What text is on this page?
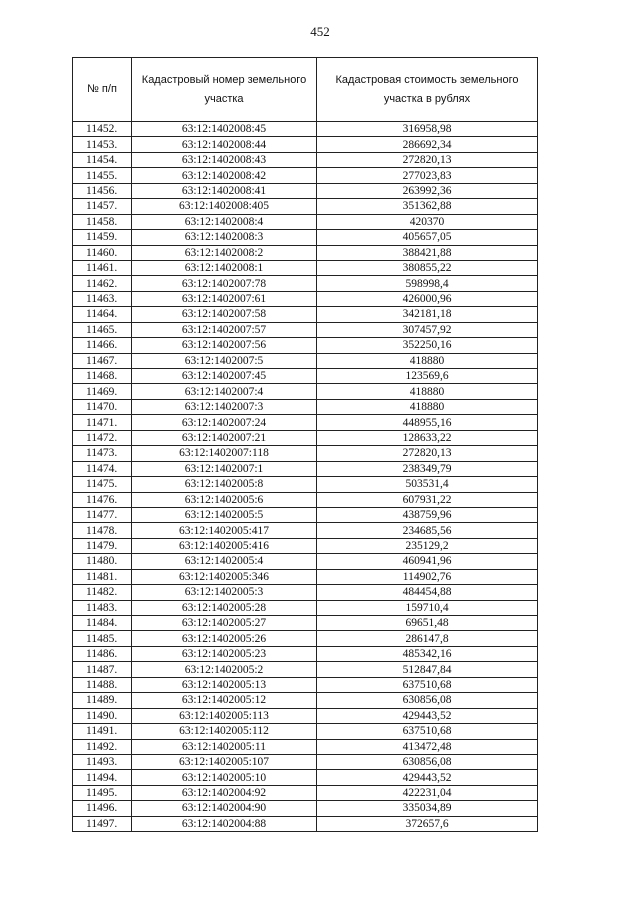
452
№ п/п	Кадастровый номер земельного участка	Кадастровая стоимость земельного участка в рублях
11452.	63:12:1402008:45	316958,98
11453.	63:12:1402008:44	286692,34
11454.	63:12:1402008:43	272820,13
11455.	63:12:1402008:42	277023,83
11456.	63:12:1402008:41	263992,36
11457.	63:12:1402008:405	351362,88
11458.	63:12:1402008:4	420370
11459.	63:12:1402008:3	405657,05
11460.	63:12:1402008:2	388421,88
11461.	63:12:1402008:1	380855,22
11462.	63:12:1402007:78	598998,4
11463.	63:12:1402007:61	426000,96
11464.	63:12:1402007:58	342181,18
11465.	63:12:1402007:57	307457,92
11466.	63:12:1402007:56	352250,16
11467.	63:12:1402007:5	418880
11468.	63:12:1402007:45	123569,6
11469.	63:12:1402007:4	418880
11470.	63:12:1402007:3	418880
11471.	63:12:1402007:24	448955,16
11472.	63:12:1402007:21	128633,22
11473.	63:12:1402007:118	272820,13
11474.	63:12:1402007:1	238349,79
11475.	63:12:1402005:8	503531,4
11476.	63:12:1402005:6	607931,22
11477.	63:12:1402005:5	438759,96
11478.	63:12:1402005:417	234685,56
11479.	63:12:1402005:416	235129,2
11480.	63:12:1402005:4	460941,96
11481.	63:12:1402005:346	114902,76
11482.	63:12:1402005:3	484454,88
11483.	63:12:1402005:28	159710,4
11484.	63:12:1402005:27	69651,48
11485.	63:12:1402005:26	286147,8
11486.	63:12:1402005:23	485342,16
11487.	63:12:1402005:2	512847,84
11488.	63:12:1402005:13	637510,68
11489.	63:12:1402005:12	630856,08
11490.	63:12:1402005:113	429443,52
11491.	63:12:1402005:112	637510,68
11492.	63:12:1402005:11	413472,48
11493.	63:12:1402005:107	630856,08
11494.	63:12:1402005:10	429443,52
11495.	63:12:1402004:92	422231,04
11496.	63:12:1402004:90	335034,89
11497.	63:12:1402004:88	372657,6
